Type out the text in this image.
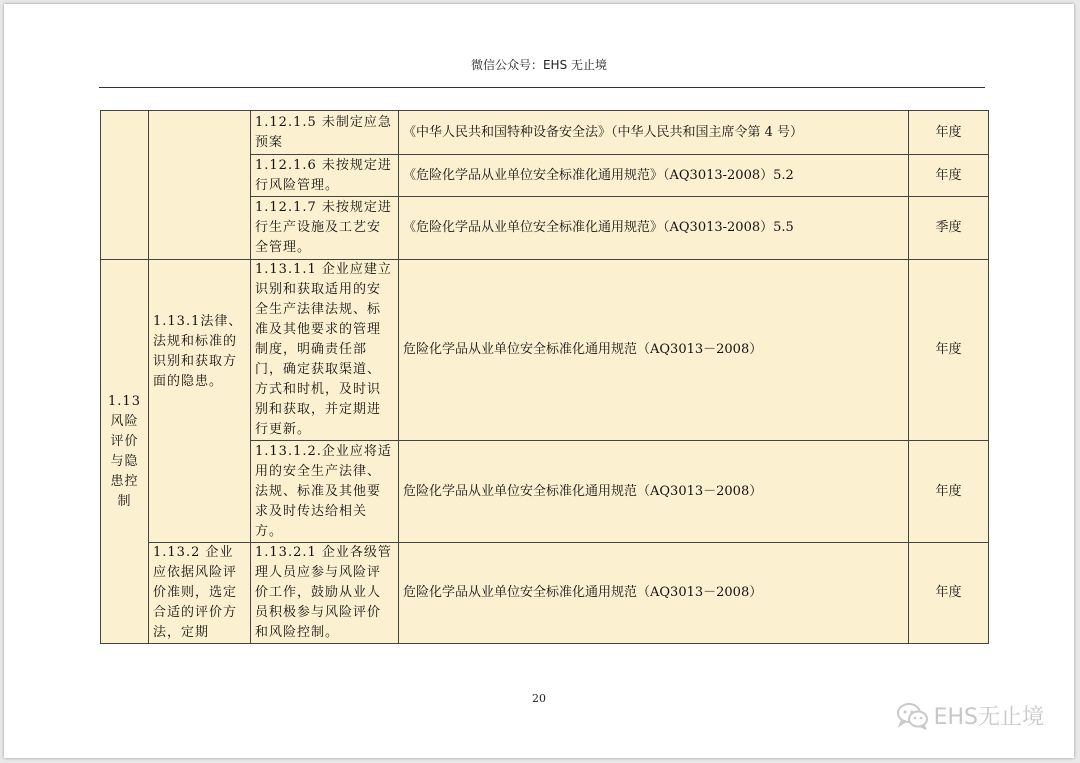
微信公众号：EHS 无止境
		1.12.1.5 未制定应急预案	《中华人民共和国特种设备安全法》（中华人民共和国主席令第 4 号）	年度
		1.12.1.6 未按规定进行风险管理。	《危险化学品从业单位安全标准化通用规范》（AQ3013-2008）5.2	年度
		1.12.1.7 未按规定进行生产设施及工艺安全管理。	《危险化学品从业单位安全标准化通用规范》（AQ3013-2008）5.5	季度
1.13 风险评价与隐患控制	1.13.1法律、法规和标准的识别和获取方面的隐患。	1.13.1.1 企业应建立识别和获取适用的安全生产法律法规、标准及其他要求的管理制度，明确责任部门，确定获取渠道、方式和时机，及时识别和获取，并定期进行更新。	危险化学品从业单位安全标准化通用规范（AQ3013－2008）	年度
		1.13.1.2.企业应将适用的安全生产法律、法规、标准及其他要求及时传达给相关方。	危险化学品从业单位安全标准化通用规范（AQ3013－2008）	年度
	1.13.2 企业应依据风险评价准则，选定合适的评价方法，定期	1.13.2.1 企业各级管理人员应参与风险评价工作，鼓励从业人员积极参与风险评价和风险控制。	危险化学品从业单位安全标准化通用规范（AQ3013－2008）	年度
20
EHS无止境
